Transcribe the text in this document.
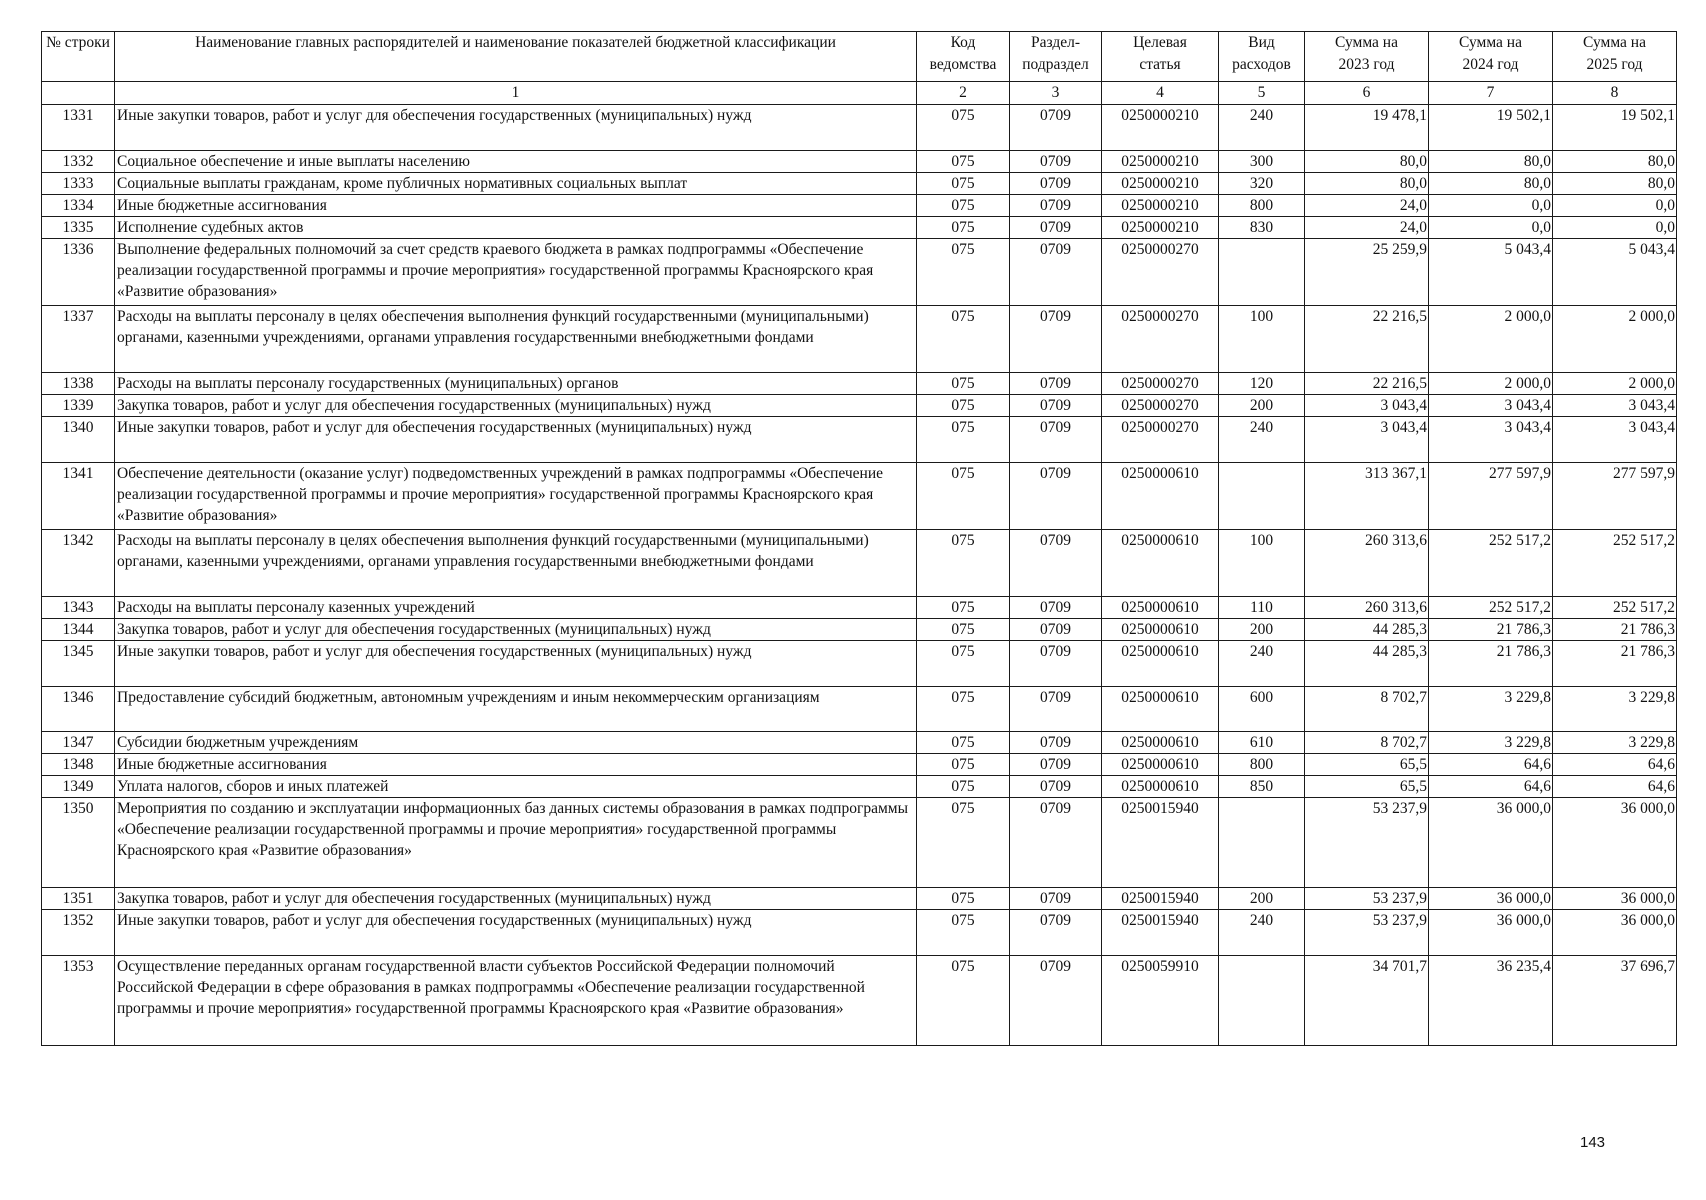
№ строки	Наименование главных распорядителей и наименование показателей бюджетной классификации	Код ведомства	Раздел-подраздел	Целевая статья	Вид расходов	Сумма на 2023 год	Сумма на 2024 год	Сумма на 2025 год
	1	2	3	4	5	6	7	8
1331	Иные закупки товаров, работ и услуг для обеспечения государственных (муниципальных) нужд	075	0709	0250000210	240	19 478,1	19 502,1	19 502,1
1332	Социальное обеспечение и иные выплаты населению	075	0709	0250000210	300	80,0	80,0	80,0
1333	Социальные выплаты гражданам, кроме публичных нормативных социальных выплат	075	0709	0250000210	320	80,0	80,0	80,0
1334	Иные бюджетные ассигнования	075	0709	0250000210	800	24,0	0,0	0,0
1335	Исполнение судебных актов	075	0709	0250000210	830	24,0	0,0	0,0
1336	Выполнение федеральных полномочий за счет средств краевого бюджета в рамках подпрограммы «Обеспечение реализации государственной программы и прочие мероприятия» государственной программы Красноярского края «Развитие образования»	075	0709	0250000270		25 259,9	5 043,4	5 043,4
1337	Расходы на выплаты персоналу в целях обеспечения выполнения функций государственными (муниципальными) органами, казенными учреждениями, органами управления государственными внебюджетными фондами	075	0709	0250000270	100	22 216,5	2 000,0	2 000,0
1338	Расходы на выплаты персоналу государственных (муниципальных) органов	075	0709	0250000270	120	22 216,5	2 000,0	2 000,0
1339	Закупка товаров, работ и услуг для обеспечения государственных (муниципальных) нужд	075	0709	0250000270	200	3 043,4	3 043,4	3 043,4
1340	Иные закупки товаров, работ и услуг для обеспечения государственных (муниципальных) нужд	075	0709	0250000270	240	3 043,4	3 043,4	3 043,4
1341	Обеспечение деятельности (оказание услуг) подведомственных учреждений в рамках подпрограммы «Обеспечение реализации государственной программы и прочие мероприятия» государственной программы Красноярского края «Развитие образования»	075	0709	0250000610		313 367,1	277 597,9	277 597,9
1342	Расходы на выплаты персоналу в целях обеспечения выполнения функций государственными (муниципальными) органами, казенными учреждениями, органами управления государственными внебюджетными фондами	075	0709	0250000610	100	260 313,6	252 517,2	252 517,2
1343	Расходы на выплаты персоналу казенных учреждений	075	0709	0250000610	110	260 313,6	252 517,2	252 517,2
1344	Закупка товаров, работ и услуг для обеспечения государственных (муниципальных) нужд	075	0709	0250000610	200	44 285,3	21 786,3	21 786,3
1345	Иные закупки товаров, работ и услуг для обеспечения государственных (муниципальных) нужд	075	0709	0250000610	240	44 285,3	21 786,3	21 786,3
1346	Предоставление субсидий бюджетным, автономным учреждениям и иным некоммерческим организациям	075	0709	0250000610	600	8 702,7	3 229,8	3 229,8
1347	Субсидии бюджетным учреждениям	075	0709	0250000610	610	8 702,7	3 229,8	3 229,8
1348	Иные бюджетные ассигнования	075	0709	0250000610	800	65,5	64,6	64,6
1349	Уплата налогов, сборов и иных платежей	075	0709	0250000610	850	65,5	64,6	64,6
1350	Мероприятия по созданию и эксплуатации информационных баз данных системы образования в рамках подпрограммы «Обеспечение реализации государственной программы и прочие мероприятия» государственной программы Красноярского края «Развитие образования»	075	0709	0250015940		53 237,9	36 000,0	36 000,0
1351	Закупка товаров, работ и услуг для обеспечения государственных (муниципальных) нужд	075	0709	0250015940	200	53 237,9	36 000,0	36 000,0
1352	Иные закупки товаров, работ и услуг для обеспечения государственных (муниципальных) нужд	075	0709	0250015940	240	53 237,9	36 000,0	36 000,0
1353	Осуществление переданных органам государственной власти субъектов Российской Федерации полномочий Российской Федерации в сфере образования в рамках подпрограммы «Обеспечение реализации государственной программы и прочие мероприятия» государственной программы Красноярского края «Развитие образования»	075	0709	0250059910		34 701,7	36 235,4	37 696,7
143
